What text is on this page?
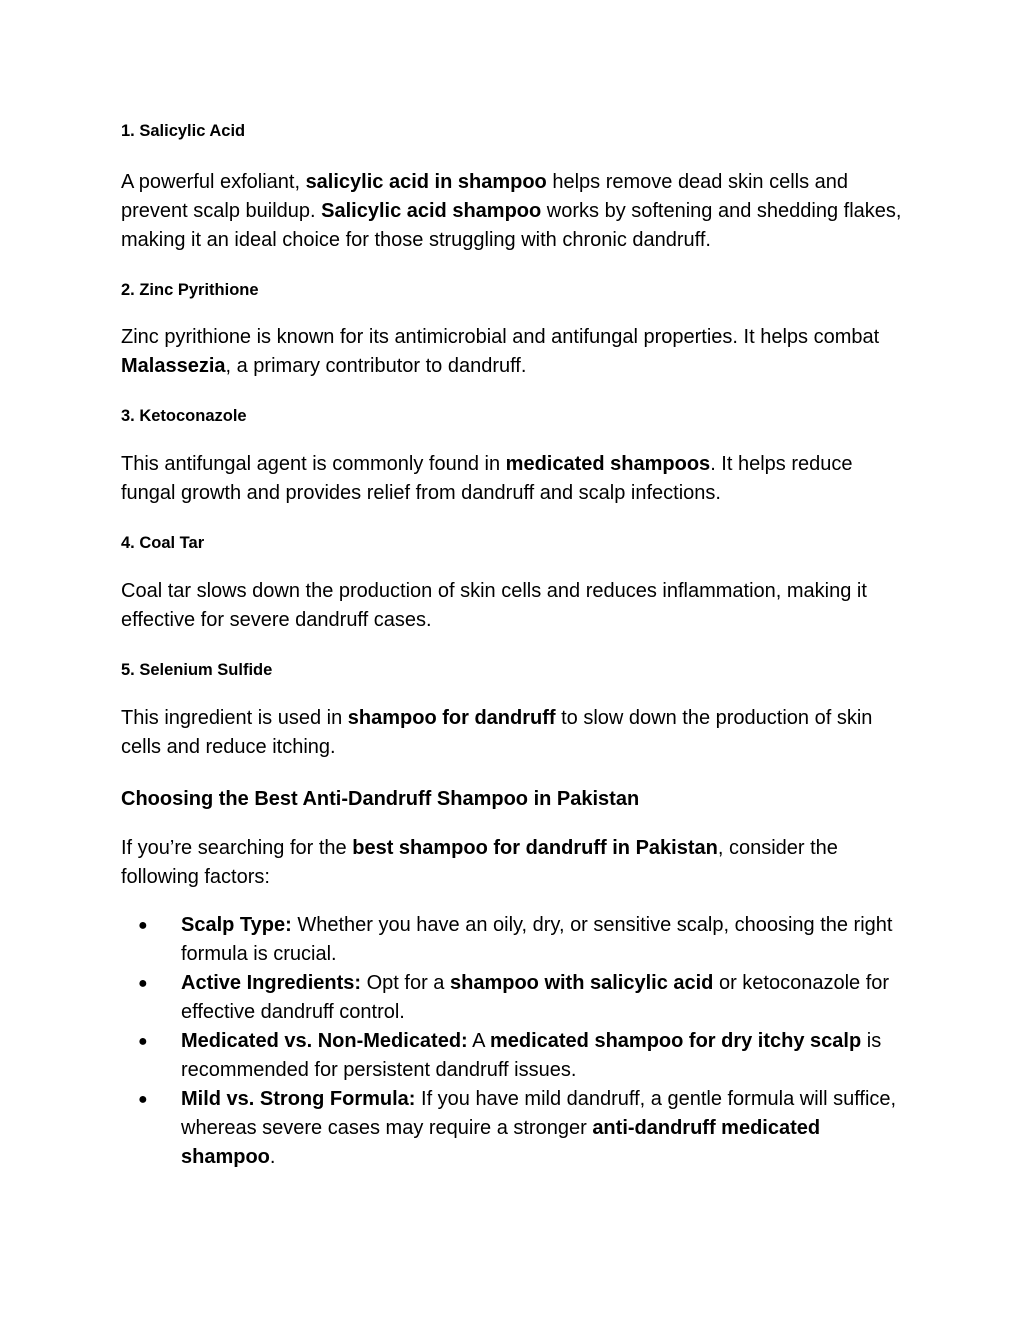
1. Salicylic Acid

A powerful exfoliant, salicylic acid in shampoo helps remove dead skin cells and prevent scalp buildup. Salicylic acid shampoo works by softening and shedding flakes, making it an ideal choice for those struggling with chronic dandruff.

2. Zinc Pyrithione

Zinc pyrithione is known for its antimicrobial and antifungal properties. It helps combat Malassezia, a primary contributor to dandruff.

3. Ketoconazole

This antifungal agent is commonly found in medicated shampoos. It helps reduce fungal growth and provides relief from dandruff and scalp infections.

4. Coal Tar

Coal tar slows down the production of skin cells and reduces inflammation, making it effective for severe dandruff cases.

5. Selenium Sulfide

This ingredient is used in shampoo for dandruff to slow down the production of skin cells and reduce itching.

Choosing the Best Anti-Dandruff Shampoo in Pakistan

If you’re searching for the best shampoo for dandruff in Pakistan, consider the following factors:

● Scalp Type: Whether you have an oily, dry, or sensitive scalp, choosing the right formula is crucial.
● Active Ingredients: Opt for a shampoo with salicylic acid or ketoconazole for effective dandruff control.
● Medicated vs. Non-Medicated: A medicated shampoo for dry itchy scalp is recommended for persistent dandruff issues.
● Mild vs. Strong Formula: If you have mild dandruff, a gentle formula will suffice, whereas severe cases may require a stronger anti-dandruff medicated shampoo.
